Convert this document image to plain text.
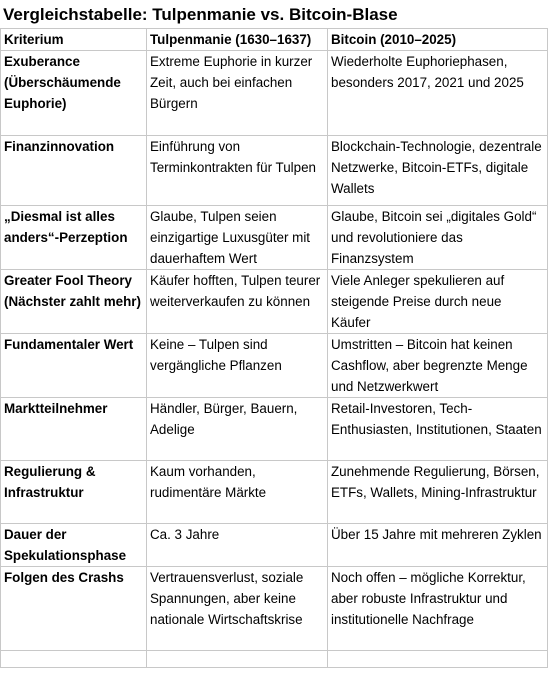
Vergleichstabelle: Tulpenmanie vs. Bitcoin-Blase
Kriterium	Tulpenmanie (1630–1637)	Bitcoin (2010–2025)
Exuberance (Überschäumende Euphorie)	Extreme Euphorie in kurzer Zeit, auch bei einfachen Bürgern	Wiederholte Euphoriephasen, besonders 2017, 2021 und 2025
Finanzinnovation	Einführung von Terminkontrakten für Tulpen	Blockchain-Technologie, dezentrale Netzwerke, Bitcoin-ETFs, digitale Wallets
„Diesmal ist alles anders“-Perzeption	Glaube, Tulpen seien einzigartige Luxusgüter mit dauerhaftem Wert	Glaube, Bitcoin sei „digitales Gold“ und revolutioniere das Finanzsystem
Greater Fool Theory (Nächster zahlt mehr)	Käufer hofften, Tulpen teurer weiterverkaufen zu können	Viele Anleger spekulieren auf steigende Preise durch neue Käufer
Fundamentaler Wert	Keine – Tulpen sind vergängliche Pflanzen	Umstritten – Bitcoin hat keinen Cashflow, aber begrenzte Menge und Netzwerkwert
Marktteilnehmer	Händler, Bürger, Bauern, Adelige	Retail-Investoren, Tech-Enthusiasten, Institutionen, Staaten
Regulierung & Infrastruktur	Kaum vorhanden, rudimentäre Märkte	Zunehmende Regulierung, Börsen, ETFs, Wallets, Mining-Infrastruktur
Dauer der Spekulationsphase	Ca. 3 Jahre	Über 15 Jahre mit mehreren Zyklen
Folgen des Crashs	Vertrauensverlust, soziale Spannungen, aber keine nationale Wirtschaftskrise	Noch offen – mögliche Korrektur, aber robuste Infrastruktur und institutionelle Nachfrage
